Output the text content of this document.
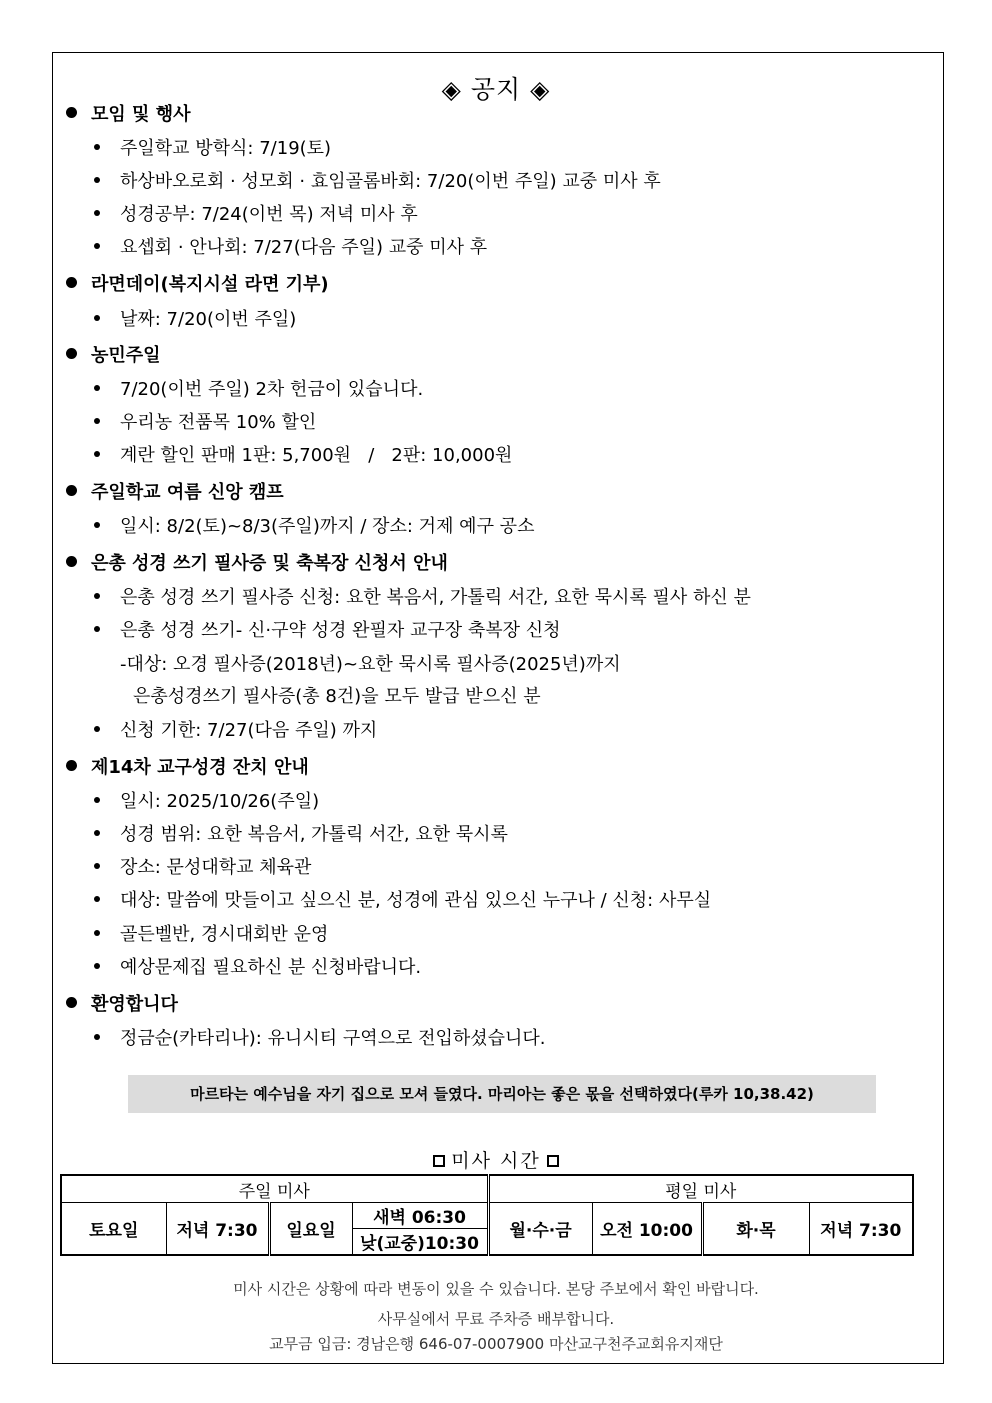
◈ 공지 ◈
모임 및 행사
주일학교 방학식: 7/19(토)
하상바오로회 · 성모회 · 효임골롬바회: 7/20(이번 주일) 교중 미사 후
성경공부: 7/24(이번 목) 저녁 미사 후
요셉회 · 안나회: 7/27(다음 주일) 교중 미사 후
라면데이(복지시설 라면 기부)
날짜: 7/20(이번 주일)
농민주일
7/20(이번 주일) 2차 헌금이 있습니다.
우리농 전품목 10% 할인
계란 할인 판매 1판: 5,700원   /   2판: 10,000원
주일학교 여름 신앙 캠프
일시: 8/2(토)~8/3(주일)까지 / 장소: 거제 예구 공소
은총 성경 쓰기 필사증 및 축복장 신청서 안내
은총 성경 쓰기 필사증 신청: 요한 복음서, 가톨릭 서간, 요한 묵시록 필사 하신 분
은총 성경 쓰기- 신·구약 성경 완필자 교구장 축복장 신청
-대상: 오경 필사증(2018년)~요한 묵시록 필사증(2025년)까지
은총성경쓰기 필사증(총 8건)을 모두 발급 받으신 분
신청 기한: 7/27(다음 주일) 까지
제14차 교구성경 잔치 안내
일시: 2025/10/26(주일)
성경 범위: 요한 복음서, 가톨릭 서간, 요한 묵시록
장소: 문성대학교 체육관
대상: 말씀에 맛들이고 싶으신 분, 성경에 관심 있으신 누구나 / 신청: 사무실
골든벨반, 경시대회반 운영
예상문제집 필요하신 분 신청바랍니다.
환영합니다
정금순(카타리나): 유니시티 구역으로 전입하셨습니다.
마르타는 예수님을 자기 집으로 모셔 들였다. 마리아는 좋은 몫을 선택하였다(루카 10,38.42)
미사 시간
주일 미사				평일 미사			
토요일	저녁 7:30	일요일	새벽 06:30	월·수·금	오전 10:00	화·목	저녁 7:30
			낮(교중)10:30				
미사 시간은 상황에 따라 변동이 있을 수 있습니다. 본당 주보에서 확인 바랍니다.
사무실에서 무료 주차증 배부합니다.
교무금 입금: 경남은행 646-07-0007900 마산교구천주교회유지재단
